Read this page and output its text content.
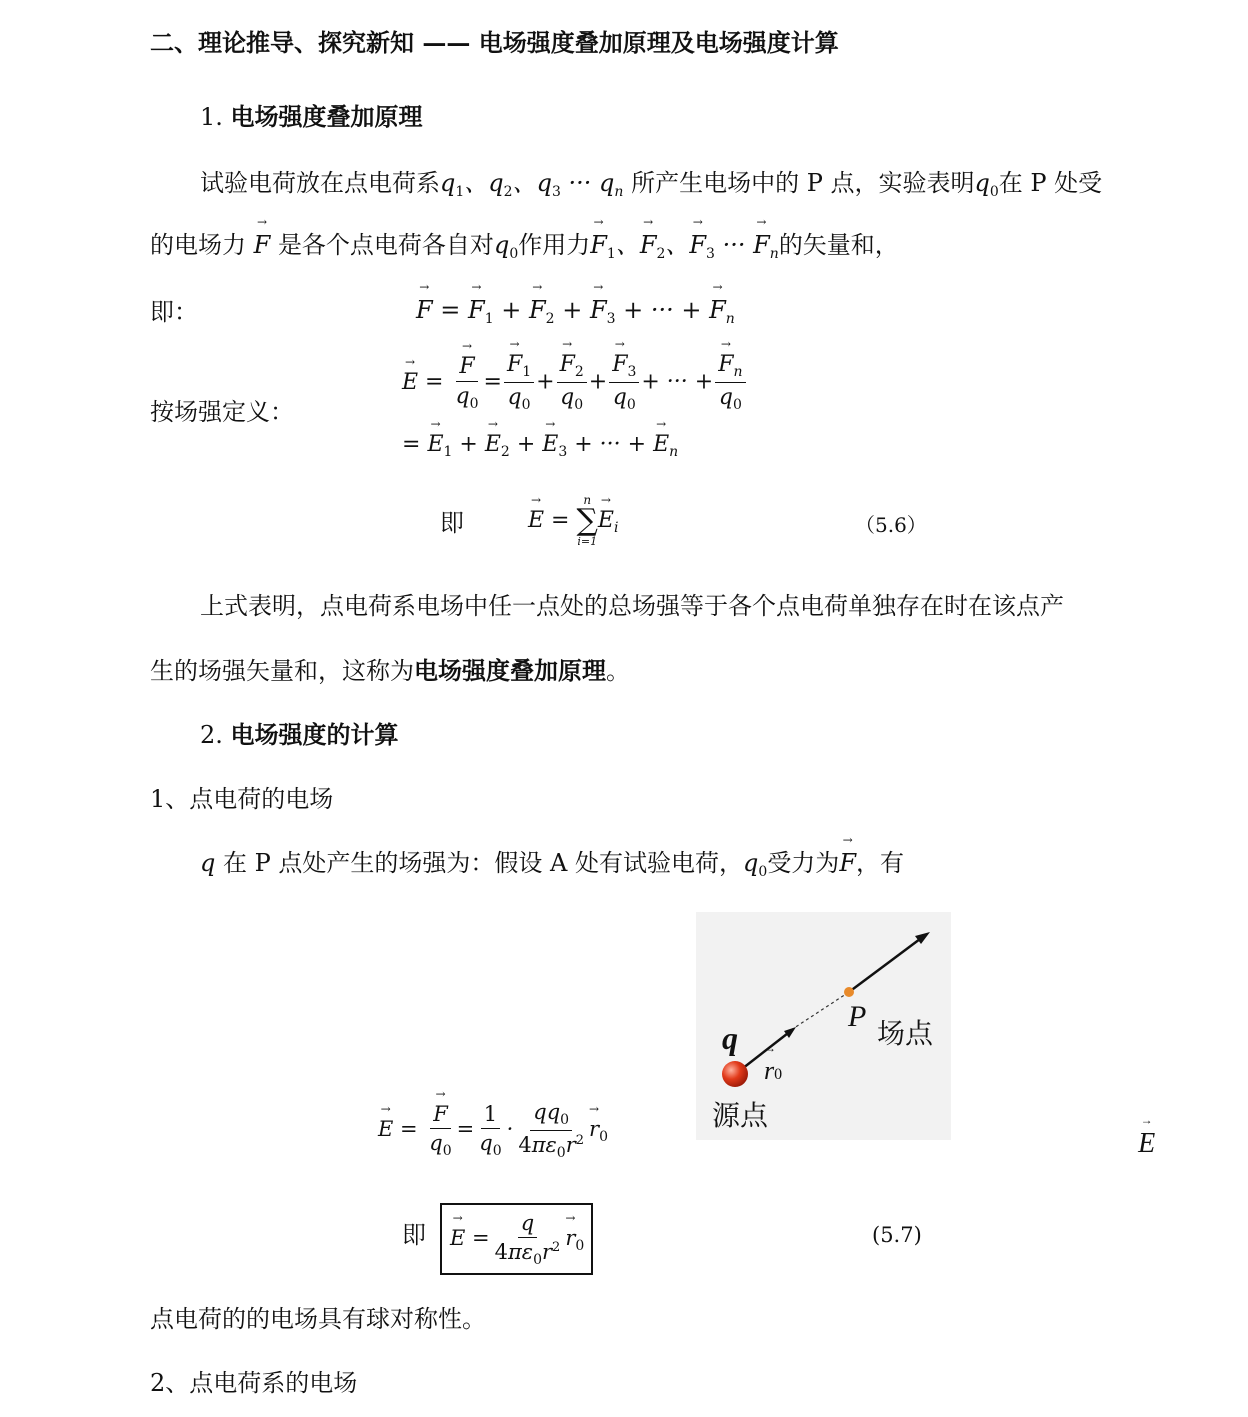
二、理论推导、探究新知 —— 电场强度叠加原理及电场强度计算
1. 电场强度叠加原理
试验电荷放在点电荷系$q_1$、$q_2$、$q_3$ ··· $q_n$ 所产生电场中的 P 点，实验表明$q_0$在 P 处受
的电场力 → F 是各个点电荷各自对$q_0$作用力→ $F_1$、→ $F_2$、→ $F_3$ ··· → $F_n$的矢量和，
即：
→	F = → $F_1$ + → $F_2$ + → $F_3$ + ··· + → $F_n$
按场强定义：
→ E =
→ $\frac{F}{q_0}$ =
→ $\frac{F_1}{q_0}$ +
→ $\frac{F_2}{q_0}$ +
→ $\frac{F_3}{q_0}$ + ··· +
→ $\frac{F_n}{q_0}$
= → $E_1$ + → $E_2$ + → $E_3$ + ··· + → $E_n$
即
→	E =
n
∑
i=1
→ $E_i$	（5.6）
上式表明，点电荷系电场中任一点处的总场强等于各个点电荷单独存在时在该点产
生的场强矢量和，这称为电场强度叠加原理。
2. 电场强度的计算
1、点电荷的电场
q 在 P 点处产生的场强为：假设 A 处有试验电荷，$q_0$受力为→ F，有

q
→ E
P
场点
→ r0
源点
→ E =
→ $\frac{F}{q_0} = \frac{1}{q_0} \cdot \frac{qq_0}{4\pi\varepsilon_0r^2}$
→ $r_0$
即
→	$E = \frac{q}{4\pi\varepsilon_0r^2}$
→ $r_0$	(5.7)
点电荷的的电场具有球对称性。
2、点电荷系的电场
